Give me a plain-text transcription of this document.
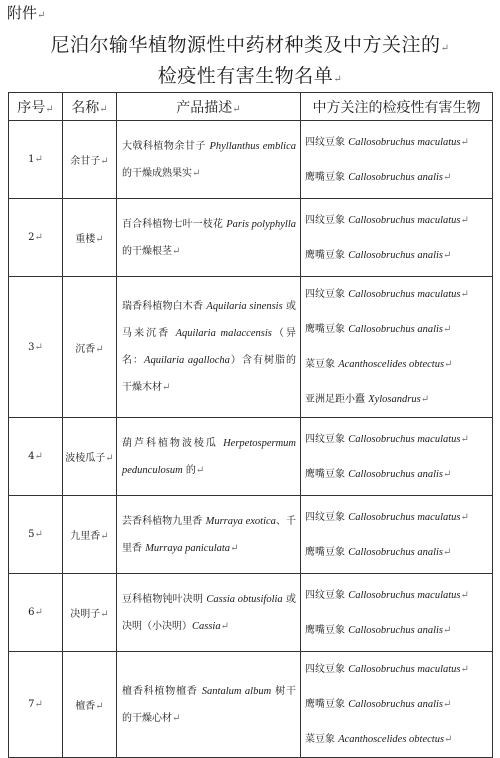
附件↵
尼泊尔输华植物源性中药材种类及中方关注的↵
检疫性有害生物名单↵
序号↵	名称↵	产品描述↵	中方关注的检疫性有害生物
1↵	余甘子↵	大戟科植物余甘子 Phyllanthus emblica 的干燥成熟果实↵	四纹豆象 Callosobruchus maculatus↵
鹰嘴豆象 Callosobruchus analis↵

2↵	重楼↵	百合科植物七叶一枝花 Paris polyphylla 的干燥根茎↵	四纹豆象 Callosobruchus maculatus↵
鹰嘴豆象 Callosobruchus analis↵

3↵	沉香↵	瑞香科植物白木香 Aquilaria sinensis 或马来沉香 Aquilaria malaccensis（异名：Aquilaria agallocha）含有树脂的干燥木材↵	四纹豆象 Callosobruchus maculatus↵
鹰嘴豆象 Callosobruchus analis↵
菜豆象 Acanthoscelides obtectus↵
亚洲足距小蠹 Xylosandrus↵

4↵	波棱瓜子↵	葫芦科植物波棱瓜 Herpetospermum pedunculosum 的↵	四纹豆象 Callosobruchus maculatus↵
鹰嘴豆象 Callosobruchus analis↵

5↵	九里香↵	芸香科植物九里香 Murraya exotica、千里香 Murraya paniculata↵	四纹豆象 Callosobruchus maculatus↵
鹰嘴豆象 Callosobruchus analis↵

6↵	决明子↵	豆科植物钝叶决明 Cassia obtusifolia 或决明（小决明）Cassia↵	四纹豆象 Callosobruchus maculatus↵
鹰嘴豆象 Callosobruchus analis↵

7↵	檀香↵	檀香科植物檀香 Santalum album 树干的干燥心材↵	四纹豆象 Callosobruchus maculatus↵
鹰嘴豆象 Callosobruchus analis↵
菜豆象 Acanthoscelides obtectus↵
